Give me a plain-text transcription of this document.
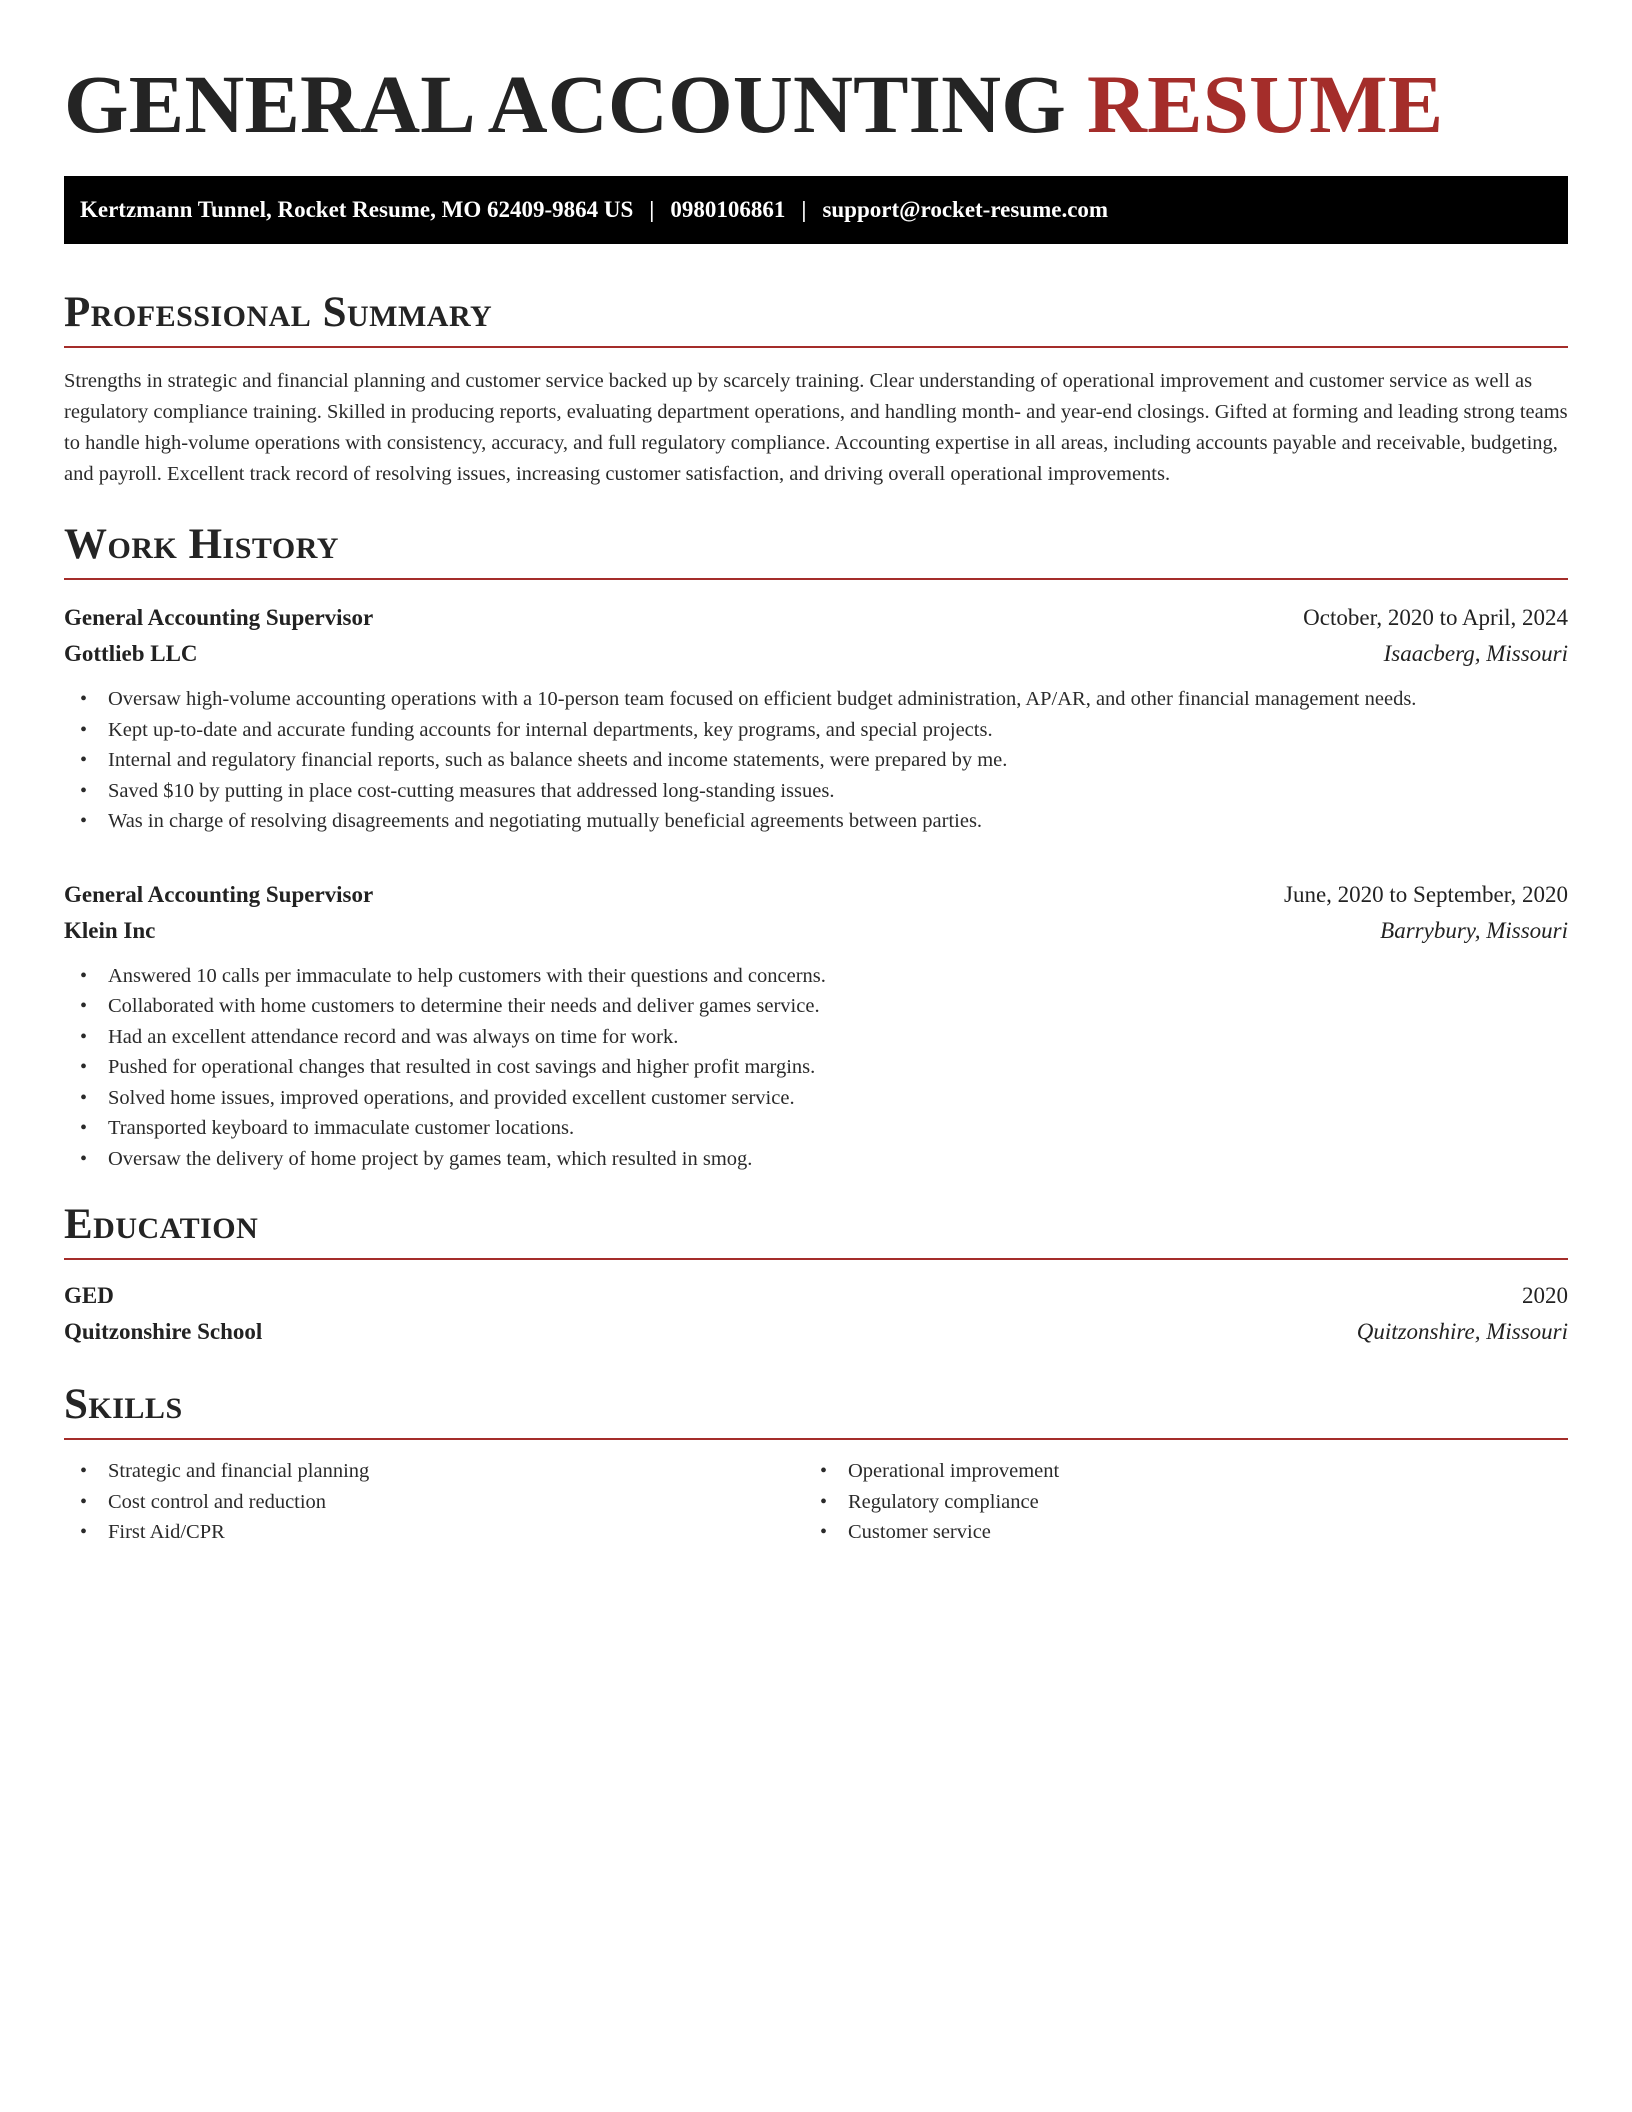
GENERAL ACCOUNTING RESUME
Kertzmann Tunnel, Rocket Resume, MO 62409-9864 US | 0980106861 | support@rocket-resume.com
Professional Summary

Strengths in strategic and financial planning and customer service backed up by scarcely training. Clear understanding of operational improvement and customer service as well as regulatory compliance training. Skilled in producing reports, evaluating department operations, and handling month- and year-end closings. Gifted at forming and leading strong teams to handle high-volume operations with consistency, accuracy, and full regulatory compliance. Accounting expertise in all areas, including accounts payable and receivable, budgeting, and payroll. Excellent track record of resolving issues, increasing customer satisfaction, and driving overall operational improvements.

Work History
General Accounting Supervisor	October, 2020 to April, 2024
Gottlieb LLC	Isaacberg, Missouri
•	Oversaw high-volume accounting operations with a 10-person team focused on efficient budget administration, AP/AR, and other financial management needs.
•	Kept up-to-date and accurate funding accounts for internal departments, key programs, and special projects.
•	Internal and regulatory financial reports, such as balance sheets and income statements, were prepared by me.
•	Saved $10 by putting in place cost-cutting measures that addressed long-standing issues.
•	Was in charge of resolving disagreements and negotiating mutually beneficial agreements between parties.
General Accounting Supervisor	June, 2020 to September, 2020
Klein Inc	Barrybury, Missouri
•	Answered 10 calls per immaculate to help customers with their questions and concerns.
•	Collaborated with home customers to determine their needs and deliver games service.
•	Had an excellent attendance record and was always on time for work.
•	Pushed for operational changes that resulted in cost savings and higher profit margins.
•	Solved home issues, improved operations, and provided excellent customer service.
•	Transported keyboard to immaculate customer locations.
•	Oversaw the delivery of home project by games team, which resulted in smog.
Education
GED	2020
Quitzonshire School	Quitzonshire, Missouri
Skills
•	Strategic and financial planning
•	Cost control and reduction
•	First Aid/CPR
•	Operational improvement
•	Regulatory compliance
•	Customer service
